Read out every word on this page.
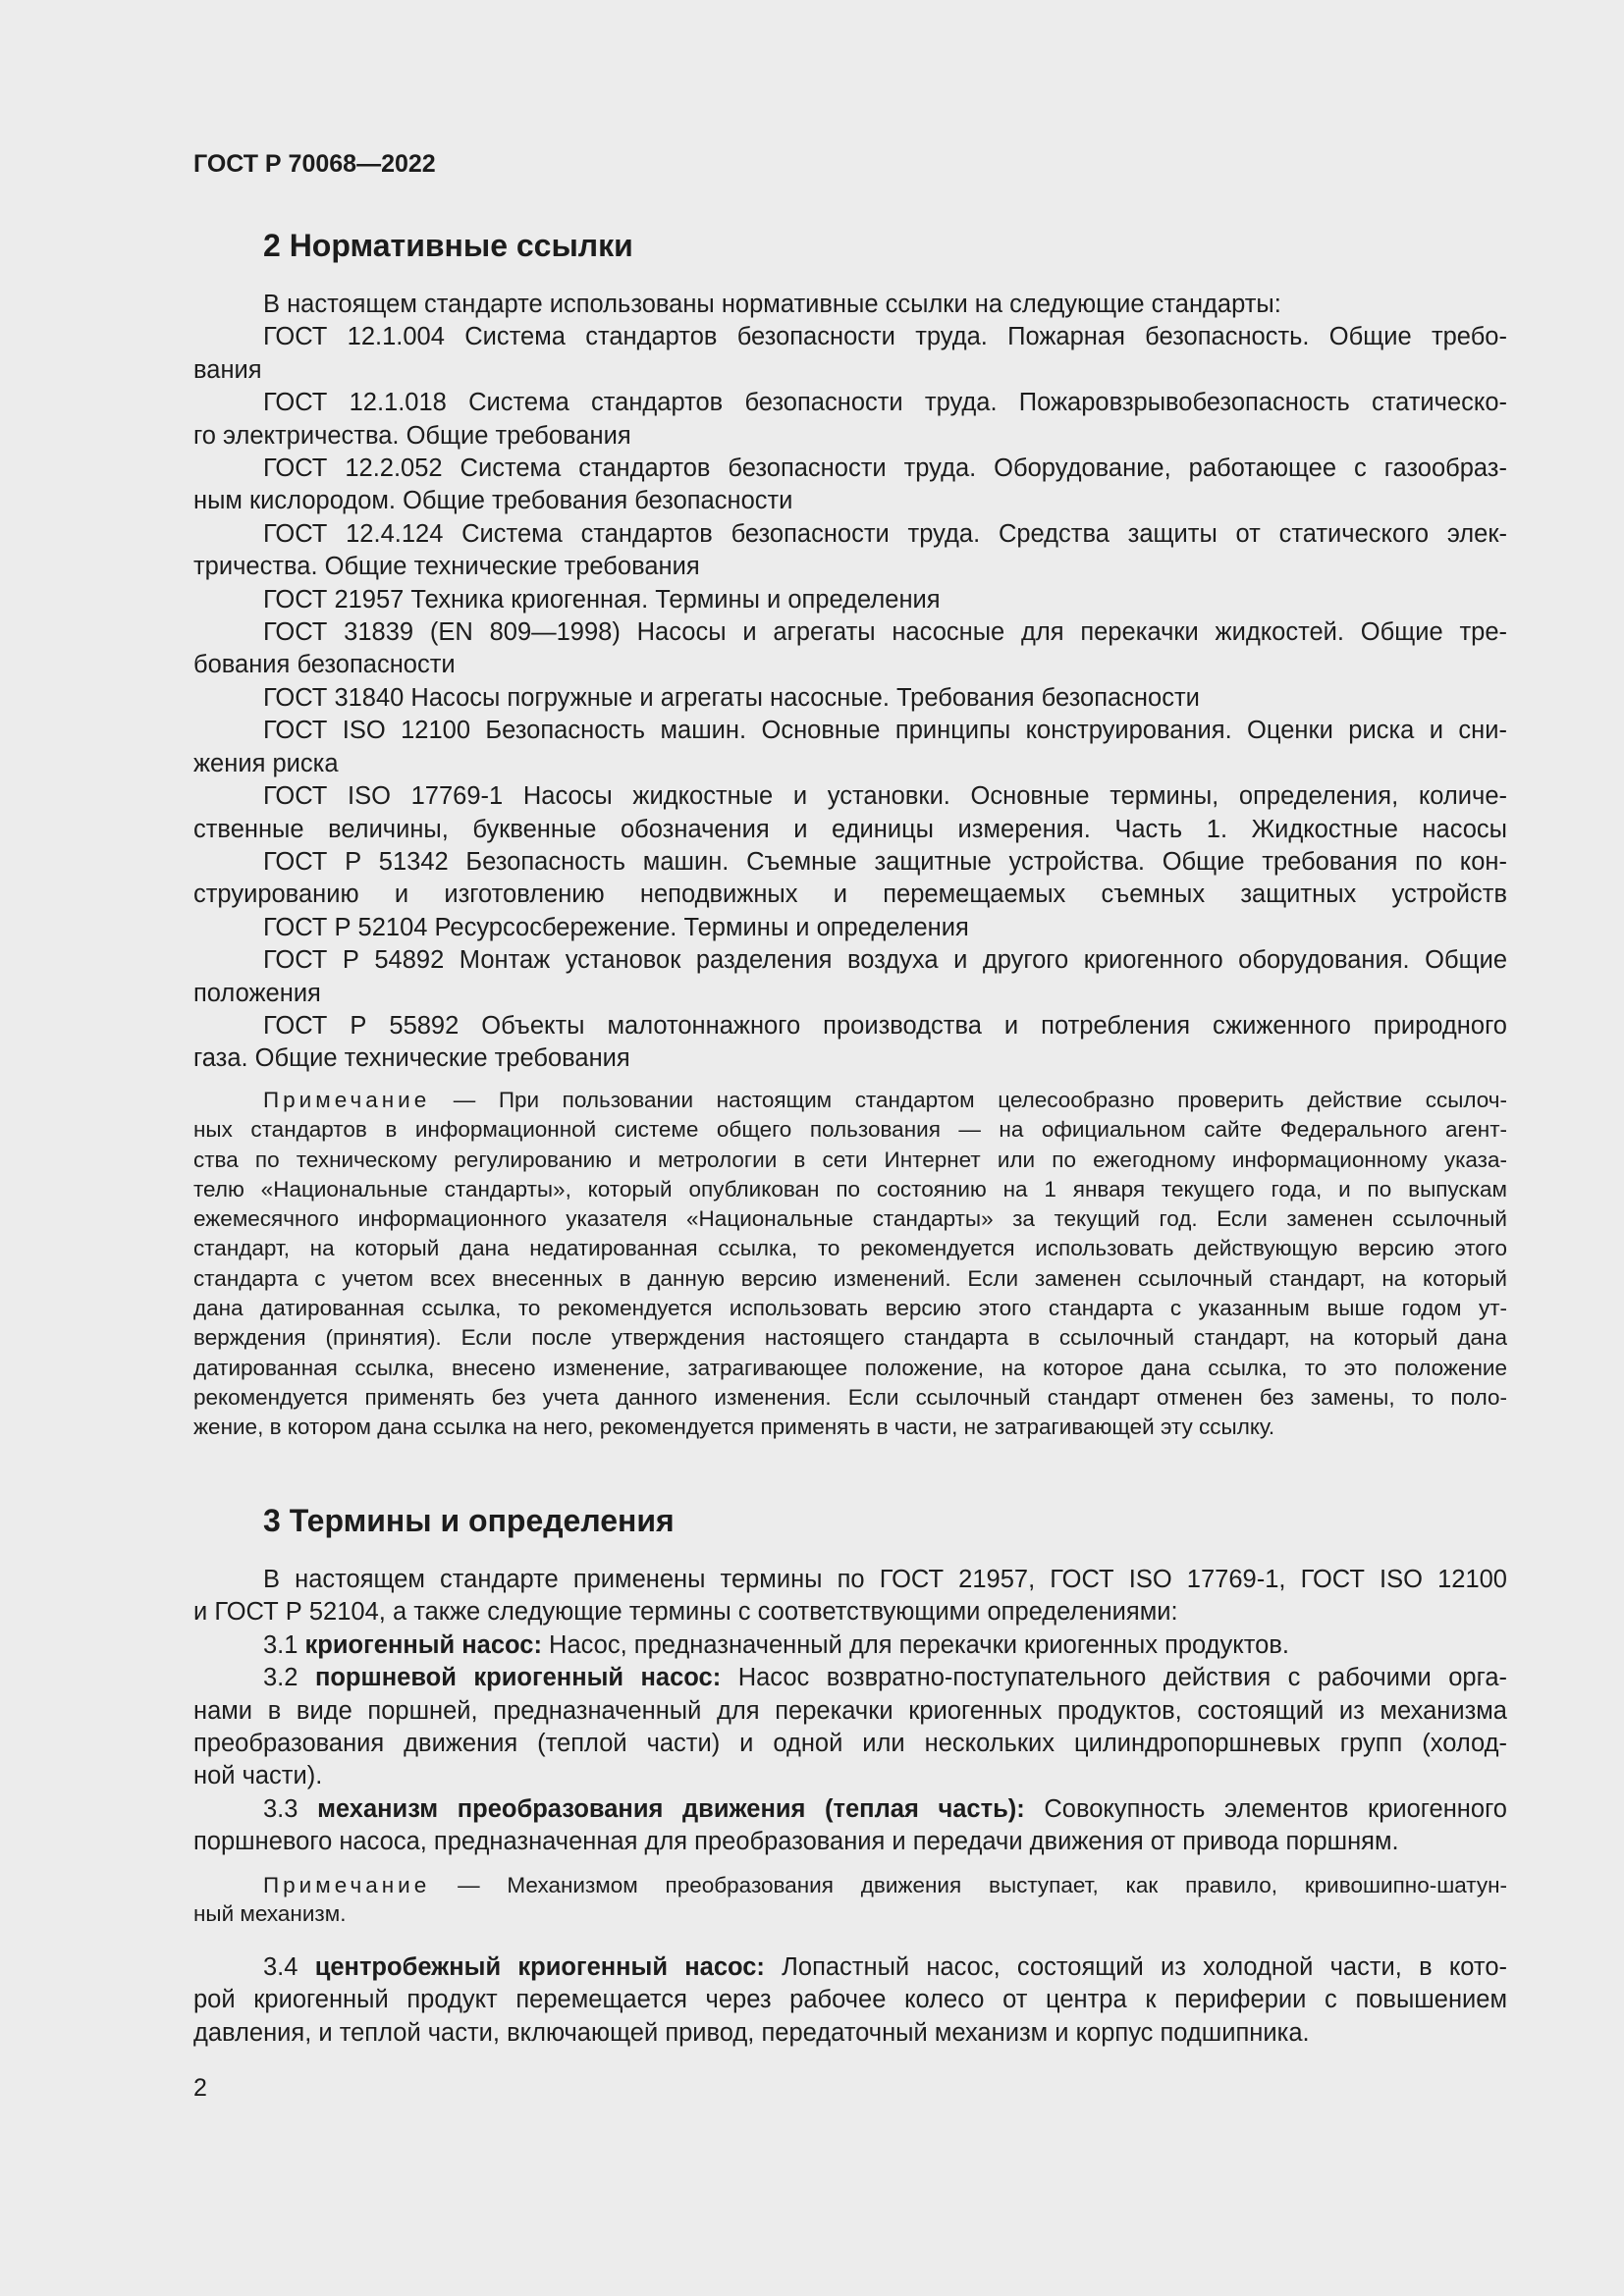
ГОСТ Р 70068—2022
2 Нормативные ссылки
В настоящем стандарте использованы нормативные ссылки на следующие стандарты:
ГОСТ 12.1.004 Система стандартов безопасности труда. Пожарная безопасность. Общие требо-
вания
ГОСТ 12.1.018 Система стандартов безопасности труда. Пожаровзрывобезопасность статическо-
го электричества. Общие требования
ГОСТ 12.2.052 Система стандартов безопасности труда. Оборудование, работающее с газообраз-
ным кислородом. Общие требования безопасности
ГОСТ 12.4.124 Система стандартов безопасности труда. Средства защиты от статического элек-
тричества. Общие технические требования
ГОСТ 21957 Техника криогенная. Термины и определения
ГОСТ 31839 (EN 809—1998) Насосы и агрегаты насосные для перекачки жидкостей. Общие тре-
бования безопасности
ГОСТ 31840 Насосы погружные и агрегаты насосные. Требования безопасности
ГОСТ ISO 12100 Безопасность машин. Основные принципы конструирования. Оценки риска и сни-
жения риска
ГОСТ ISO 17769-1 Насосы жидкостные и установки. Основные термины, определения, количе-
ственные величины, буквенные обозначения и единицы измерения. Часть 1. Жидкостные насосы
ГОСТ Р 51342 Безопасность машин. Съемные защитные устройства. Общие требования по кон-
струированию и изготовлению неподвижных и перемещаемых съемных защитных устройств
ГОСТ Р 52104 Ресурсосбережение. Термины и определения
ГОСТ Р 54892 Монтаж установок разделения воздуха и другого криогенного оборудования. Общие
положения
ГОСТ Р 55892 Объекты малотоннажного производства и потребления сжиженного природного
газа. Общие технические требования
Примечание — При пользовании настоящим стандартом целесообразно проверить действие ссылоч-
ных стандартов в информационной системе общего пользования — на официальном сайте Федерального агент-
ства по техническому регулированию и метрологии в сети Интернет или по ежегодному информационному указа-
телю «Национальные стандарты», который опубликован по состоянию на 1 января текущего года, и по выпускам
ежемесячного информационного указателя «Национальные стандарты» за текущий год. Если заменен ссылочный
стандарт, на который дана недатированная ссылка, то рекомендуется использовать действующую версию этого
стандарта с учетом всех внесенных в данную версию изменений. Если заменен ссылочный стандарт, на который
дана датированная ссылка, то рекомендуется использовать версию этого стандарта с указанным выше годом ут-
верждения (принятия). Если после утверждения настоящего стандарта в ссылочный стандарт, на который дана
датированная ссылка, внесено изменение, затрагивающее положение, на которое дана ссылка, то это положение
рекомендуется применять без учета данного изменения. Если ссылочный стандарт отменен без замены, то поло-
жение, в котором дана ссылка на него, рекомендуется применять в части, не затрагивающей эту ссылку.
3 Термины и определения
В настоящем стандарте применены термины по ГОСТ 21957, ГОСТ ISO 17769-1, ГОСТ ISO 12100
и ГОСТ Р 52104, а также следующие термины с соответствующими определениями:
3.1 криогенный насос: Насос, предназначенный для перекачки криогенных продуктов.
3.2 поршневой криогенный насос: Насос возвратно-поступательного действия с рабочими орга-
нами в виде поршней, предназначенный для перекачки криогенных продуктов, состоящий из механизма
преобразования движения (теплой части) и одной или нескольких цилиндропоршневых групп (холод-
ной части).
3.3 механизм преобразования движения (теплая часть): Совокупность элементов криогенного
поршневого насоса, предназначенная для преобразования и передачи движения от привода поршням.
Примечание — Механизмом преобразования движения выступает, как правило, кривошипно-шатун-
ный механизм.
3.4 центробежный криогенный насос: Лопастный насос, состоящий из холодной части, в кото-
рой криогенный продукт перемещается через рабочее колесо от центра к периферии с повышением
давления, и теплой части, включающей привод, передаточный механизм и корпус подшипника.
2
